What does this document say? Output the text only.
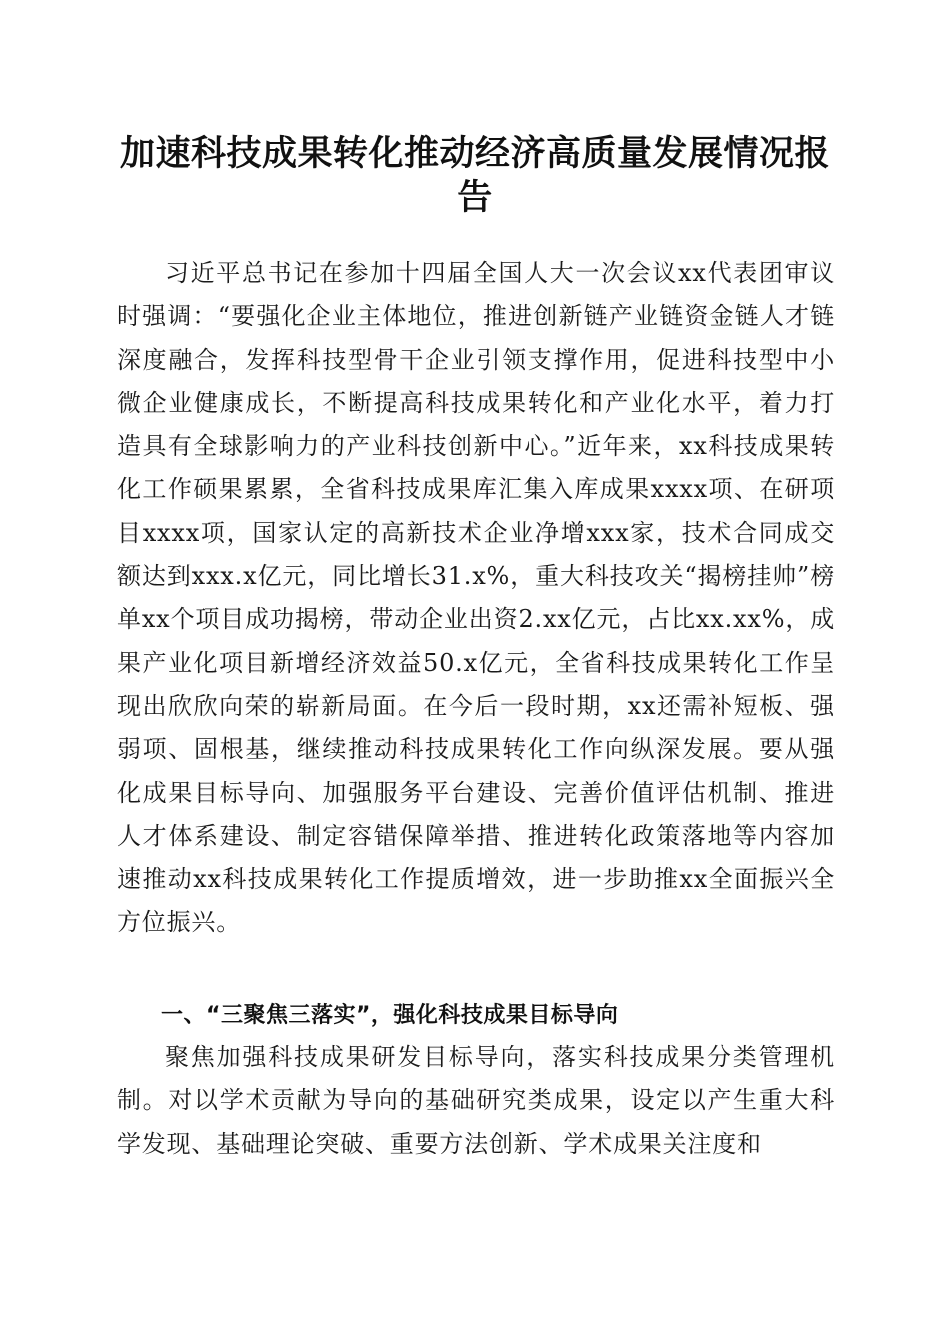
加速科技成果转化推动经济高质量发展情况报告

习近平总书记在参加十四届全国人大一次会议xx代表团审议时强调：“要强化企业主体地位，推进创新链产业链资金链人才链深度融合，发挥科技型骨干企业引领支撑作用，促进科技型中小微企业健康成长，不断提高科技成果转化和产业化水平，着力打造具有全球影响力的产业科技创新中心。”近年来，xx科技成果转化工作硕果累累，全省科技成果库汇集入库成果xxxx项、在研项目xxxx项，国家认定的高新技术企业净增xxx家，技术合同成交额达到xxx.x亿元，同比增长31.x%，重大科技攻关“揭榜挂帅”榜单xx个项目成功揭榜，带动企业出资2.xx亿元，占比xx.xx%，成果产业化项目新增经济效益50.x亿元，全省科技成果转化工作呈现出欣欣向荣的崭新局面。在今后一段时期，xx还需补短板、强弱项、固根基，继续推动科技成果转化工作向纵深发展。要从强化成果目标导向、加强服务平台建设、完善价值评估机制、推进人才体系建设、制定容错保障举措、推进转化政策落地等内容加速推动xx科技成果转化工作提质增效，进一步助推xx全面振兴全方位振兴。

一、“三聚焦三落实”，强化科技成果目标导向

聚焦加强科技成果研发目标导向，落实科技成果分类管理机制。对以学术贡献为导向的基础研究类成果，设定以产生重大科学发现、基础理论突破、重要方法创新、学术成果关注度和
